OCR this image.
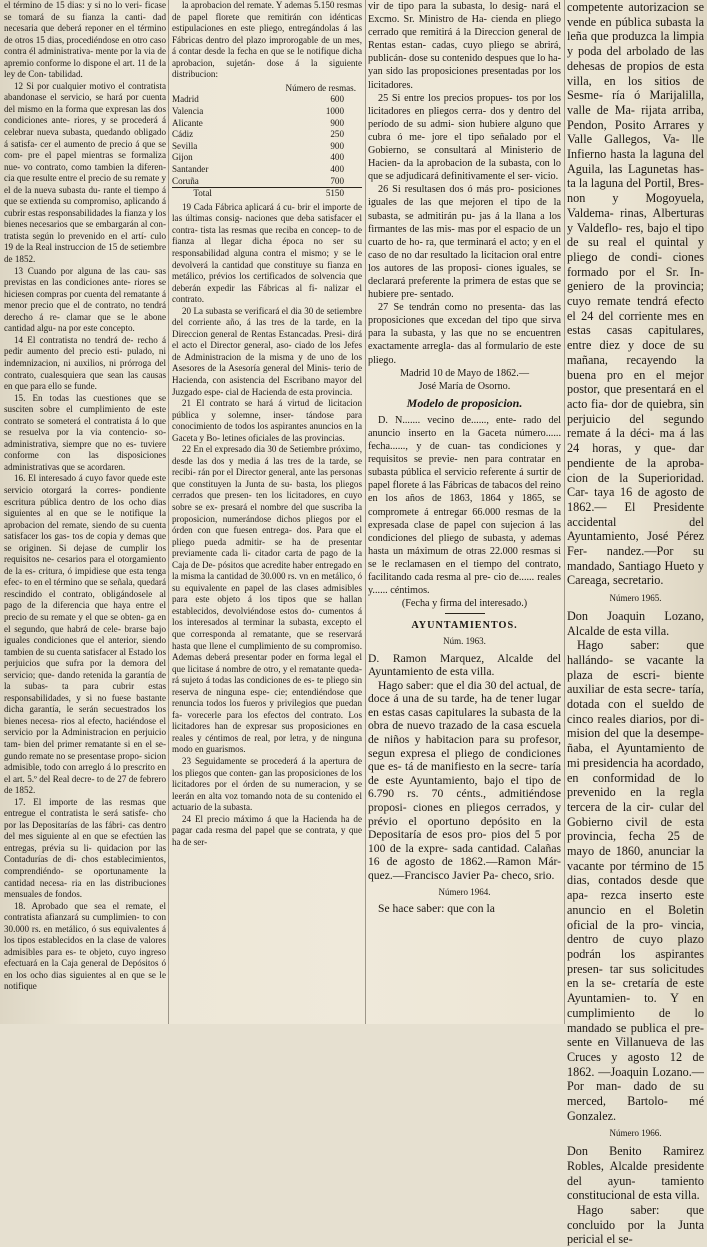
el término de 15 dias: y si no lo veri- ficase se tomará de su fianza la canti- dad necesaria que deberá reponer en el término de otros 15 dias, procediéndose en otro caso contra él administrativa- mente por la via de apremio conforme lo dispone el art. 11 de la ley de Con- tabilidad.

12 Si por cualquier motivo el contratista abandonase el servicio, se hará por cuenta del mismo en la forma que expresan las dos condiciones ante- riores, y se procederá á celebrar nueva subasta, quedando obligado á satisfa- cer el aumento de precio á que se com- pre el papel mientras se formaliza nue- vo contrato, como tambien la diferen- cia que resulte entre el precio de su remate y el de la nueva subasta du- rante el tiempo á que se extienda su compromiso, aplicando á cubrir estas responsabilidades la fianza y los bienes necesarios que se embargarán al con- tratista según lo prevenido en el artí- culo 19 de la Real instruccion de 15 de setiembre de 1852.

13 Cuando por alguna de las cau- sas previstas en las condiciones ante- riores se hiciesen compras por cuenta del rematante á menor precio que el de contrato, no tendrá derecho á re- clamar que se le abone cantidad algu- na por este concepto.

14 El contratista no tendrá de- recho á pedir aumento del precio esti- pulado, ni indemnizacion, ni auxilios, ni prórroga del contrato, cualesquiera que sean las causas en que para ello se funde.

15. En todas las cuestiones que se susciten sobre el cumplimiento de este contrato se someterá el contratista á lo que se resuelva por la via contencio- so-administrativa, siempre que no es- tuviere conforme con las disposiciones administrativas que se acordaren.

16. El interesado á cuyo favor quede este servicio otorgará la corres- pondiente escritura pública dentro de los ocho dias siguientes al en que se le notifique la aprobacion del remate, siendo de su cuenta satisfacer los gas- tos de copia y demas que se originen. Si dejase de cumplir los requisitos ne- cesarios para el otorgamiento de la es- critura, ó impidiese que esta tenga efec- to en el término que se señala, quedará rescindido el contrato, obligándosele al pago de la diferencia que haya entre el precio de su remate y el que se obten- ga en el segundo, que habrá de cele- brarse bajo iguales condiciones que el anterior, siendo tambien de su cuenta satisfacer al Estado los perjuicios que sufra por la demora del servicio; que- dando retenida la garantía de la subas- ta para cubrir estas responsabilidades, y si no fuese bastante dicha garantía, le serán secuestrados los bienes necesa- rios al efecto, haciéndose el servicio por la Administracion en perjuicio tam- bien del primer rematante si en el se- gundo remate no se presentase propo- sicion admisible, todo con arreglo á lo prescrito en el art. 5.º del Real decre- to de 27 de febrero de 1852.

17. El importe de las resmas que entregue el contratista le será satisfe- cho por las Depositarías de las fábri- cas dentro del mes siguiente al en que se efectúen las entregas, prévia su li- quidacion por las Contadurías de di- chos establecimientos, comprendiéndo- se oportunamente la cantidad necesa- ria en las distribuciones mensuales de fondos.

18. Aprobado que sea el remate, el contratista afianzará su cumplimien- to con 30.000 rs. en metálico, ó sus equivalentes á los tipos establecidos en la clase de valores admisibles para es- te objeto, cuyo ingreso efectuará en la Caja general de Depósitos ó en los ocho dias siguientes al en que se le notifique

la aprobacion del remate. Y ademas 5.150 resmas de papel florete que remitirán con idénticas estipulaciones en este pliego, entregándolas á las Fábricas dentro del plazo improrogable de un mes, á contar desde la fecha en que se le notifique dicha aprobacion, sujetán- dose á la siguiente distribucion:

	Número de resmas.
Madrid	600
Valencia	1000
Alicante	900
Cádiz	250
Sevilla	900
Gijon	400
Santander	400
Coruña	700
Total	5150

19 Cada Fábrica aplicará á cu- brir el importe de las últimas consig- naciones que deba satisfacer el contra- tista las resmas que reciba en concep- to de fianza al llegar dicha época no ser su responsabilidad alguna contra el mismo; y se le devolverá la cantidad que constituye su fianza en metálico, prévios los certificados de solvencia que deberán expedir las Fábricas al fi- nalizar el contrato.

20 La subasta se verificará el dia 30 de setiembre del corriente año, á las tres de la tarde, en la Direccion general de Rentas Estancadas. Presi- dirá el acto el Director general, aso- ciado de los Jefes de Administracion de la misma y de uno de los Asesores de la Asesoría general del Minis- terio de Hacienda, con asistencia del Escribano mayor del Juzgado espe- cial de Hacienda de esta provincia.

21 El contrato se hará á virtud de licitacion pública y solemne, inser- tándose para conocimiento de todos los aspirantes anuncios en la Gaceta y Bo- letines oficiales de las provincias.

22 En el expresado dia 30 de Setiembre próximo, desde las dos y media á las tres de la tarde, se recibi- rán por el Director general, ante las personas que constituyen la Junta de su- basta, los pliegos cerrados que presen- ten los licitadores, en cuyo sobre se ex- presará el nombre del que suscriba la proposicion, numerándose dichos pliegos por el órden con que fuesen entrega- dos. Para que el pliego pueda admitir- se ha de presentar previamente cada li- citador carta de pago de la Caja de De- pósitos que acredite haber entregado en la misma la cantidad de 30.000 rs. vn en metálico, ó su equivalente en papel de las clases admisibles para este objeto á los tipos que se hallan establecidos, devolviéndose estos do- cumentos á los interesados al terminar la subasta, excepto el que corresponda al rematante, que se reservará hasta que llene el cumplimiento de su compromiso. Ademas deberá presentar poder en forma legal el que licitase á nombre de otro, y el rematante queda- rá sujeto á todas las condiciones de es- te pliego sin reserva de ninguna espe- cie; entendiéndose que renuncia todos los fueros y privilegios que puedan fa- vorecerle para los efectos del contrato. Los licitadores han de expresar sus proposiciones en reales y céntimos de real, por letra, y de ninguna modo en guarismos.

23 Seguidamente se procederá á la apertura de los pliegos que conten- gan las proposiciones de los licitadores por el órden de su numeracion, y se leerán en alta voz tomando nota de su contenido el actuario de la subasta.

24 El precio máximo á que la Hacienda ha de pagar cada resma del papel que se contrata, y que ha de ser-

vir de tipo para la subasta, lo desig- nará el Excmo. Sr. Ministro de Ha- cienda en pliego cerrado que remitirá á la Direccion general de Rentas estan- cadas, cuyo pliego se abrirá, publicán- dose su contenido despues que lo ha- yan sido las proposiciones presentadas por los licitadores.

25 Si entre los precios propues- tos por los licitadores en pliegos cerra- dos y dentro del período de su admi- sion hubiere alguno que cubra ó me- jore el tipo señalado por el Gobierno, se consultará al Ministerio de Hacien- da la aprobacion de la subasta, con lo que se adjudicará definitivamente el ser- vicio.

26 Si resultasen dos ó más pro- posiciones iguales de las que mejoren el tipo de la subasta, se admitirán pu- jas á la llana a los firmantes de las mis- mas por el espacio de un cuarto de ho- ra, que terminará el acto; y en el caso de no dar resultado la licitacion oral entre los autores de las proposi- ciones iguales, se declarará preferente la primera de estas que se hubiere pre- sentado.

27 Se tendrán como no presenta- das las proposiciones que excedan del tipo que sirva para la subasta, y las que no se encuentren exactamente arregla- das al formulario de este pliego.

Madrid 10 de Mayo de 1862.—

José María de Osorno.

Modelo de proposicion.

D. N....... vecino de......, ente- rado del anuncio inserto en la Gaceta número...... fecha......, y de cuan- tas condiciones y requisitos se previe- nen para contratar en subasta pública el servicio referente á surtir de papel florete á las Fábricas de tabacos del reino en los años de 1863, 1864 y 1865, se compromete á entregar 66.000 resmas de la expresada clase de papel con sujecion á las condiciones del pliego de subasta, y ademas hasta un máximum de otras 22.000 resmas si se le reclamasen en el tiempo del contrato, facilitando cada resma al pre- cio de...... reales y...... céntimos.

(Fecha y firma del interesado.)

AYUNTAMIENTOS.

Núm. 1963.

D. Ramon Marquez, Alcalde del Ayuntamiento de esta villa.

Hago saber: que el dia 30 del actual, de doce á una de su tarde, ha de tener lugar en estas casas capitulares la subasta de la obra de nuevo trazado de la casa escuela de niños y habitacion para su profesor, segun expresa el pliego de condiciones que es- tá de manifiesto en la secre- taría de este Ayuntamiento, bajo el tipo de 6.790 rs. 70 cénts., admitiéndose proposi- ciones en pliegos cerrados, y prévio el oportuno depósito en la Depositaría de esos pro- pios del 5 por 100 de la expre- sada cantidad. Calañas 16 de agosto de 1862.—Ramon Már- quez.—Francisco Javier Pa- checo, srio.

Número 1964.

Se hace saber: que con la

competente autorizacion se vende en pública subasta la leña que produzca la limpia y poda del arbolado de las dehesas de propios de esta villa, en los sitios de Sesme- ría ó Marijalilla, valle de Ma- rijata arriba, Pendon, Posito Arrares y Valle Gallegos, Va- lle Infierno hasta la laguna del Aguila, las Lagunetas has- ta la laguna del Portil, Bres- non y Mogoyuela, Valdema- rinas, Alberturas y Valdeflo- res, bajo el tipo de su real el quintal y pliego de condi- ciones formado por el Sr. In- geniero de la provincia; cuyo remate tendrá efecto el 24 del corriente mes en estas casas capitulares, entre diez y doce de su mañana, recayendo la buena pro en el mejor postor, que presentará en el acto fia- dor de quiebra, sin perjuicio del segundo remate á la déci- ma á las 24 horas, y que- dar pendiente de la aproba- cion de la Superioridad. Car- taya 16 de agosto de 1862.— El Presidente accidental del Ayuntamiento, José Pérez Fer- nandez.—Por su mandado, Santiago Hueto y Careaga, secretario.

Número 1965.

Don Joaquin Lozano, Alcalde de esta villa.

Hago saber: que hallándo- se vacante la plaza de escri- biente auxiliar de esta secre- taría, dotada con el sueldo de cinco reales diarios, por di- mision del que la desempe- ñaba, el Ayuntamiento de mi presidencia ha acordado, en conformidad de lo prevenido en la regla tercera de la cir- cular del Gobierno civil de esta provincia, fecha 25 de mayo de 1860, anunciar la vacante por término de 15 dias, contados desde que apa- rezca inserto este anuncio en el Boletin oficial de la pro- vincia, dentro de cuyo plazo podrán los aspirantes presen- tar sus solicitudes en la se- cretaría de este Ayuntamien- to. Y en cumplimiento de lo mandado se publica el pre- sente en Villanueva de las Cruces y agosto 12 de 1862. —Joaquin Lozano.—Por man- dado de su merced, Bartolo- mé Gonzalez.

Número 1966.

Don Benito Ramirez Robles, Alcalde presidente del ayun- tamiento constitucional de esta villa.

Hago saber: que concluido por la Junta pericial el se-
